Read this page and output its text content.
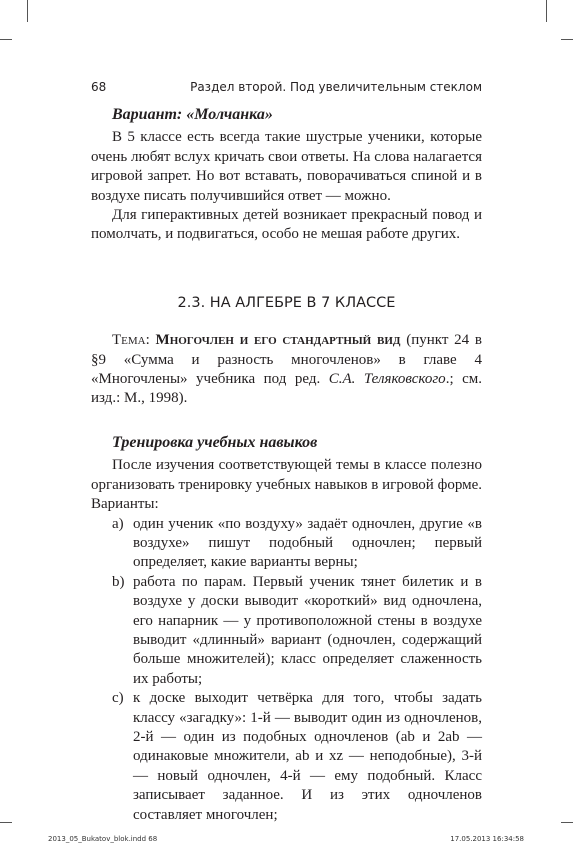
68	Раздел второй. Под увеличительным стеклом
Вариант: «Молчанка»

В 5 классе есть всегда такие шустрые ученики, которые очень любят вслух кричать свои ответы. На слова налагается игровой запрет. Но вот вставать, поворачиваться спиной и в воздухе писать получившийся ответ — можно.

Для гиперактивных детей возникает прекрасный повод и помолчать, и подвигаться, особо не мешая работе других.

2.3. НА АЛГЕБРЕ В 7 КЛАССЕ

Тема: Многочлен и его стандартный вид (пункт 24 в §9 «Сумма и разность многочленов» в главе 4 «Многочлены» учебника под ред. С.А. Теляковского.; см. изд.: М., 1998).

Тренировка учебных навыков

После изучения соответствующей темы в классе полезно организовать тренировку учебных навыков в игровой форме. Варианты:

a) один ученик «по воздуху» задаёт одночлен, другие «в воздухе» пишут подобный одночлен; первый определяет, какие варианты верны;
b) работа по парам. Первый ученик тянет билетик и в воздухе у доски выводит «короткий» вид одночлена, его напарник — у противоположной стены в воздухе выводит «длинный» вариант (одночлен, содержащий больше множителей); класс определяет слаженность их работы;
c) к доске выходит четвёрка для того, чтобы задать классу «загадку»: 1-й — выводит один из одночленов, 2-й — один из подобных одночленов (ab и 2ab — одинаковые множители, ab и xz — неподобные), 3-й — новый одночлен, 4-й — ему подобный. Класс записывает заданное. И из этих одночленов составляет многочлен;
2013_05_Bukatov_blok.indd 68	17.05.2013 16:34:58
